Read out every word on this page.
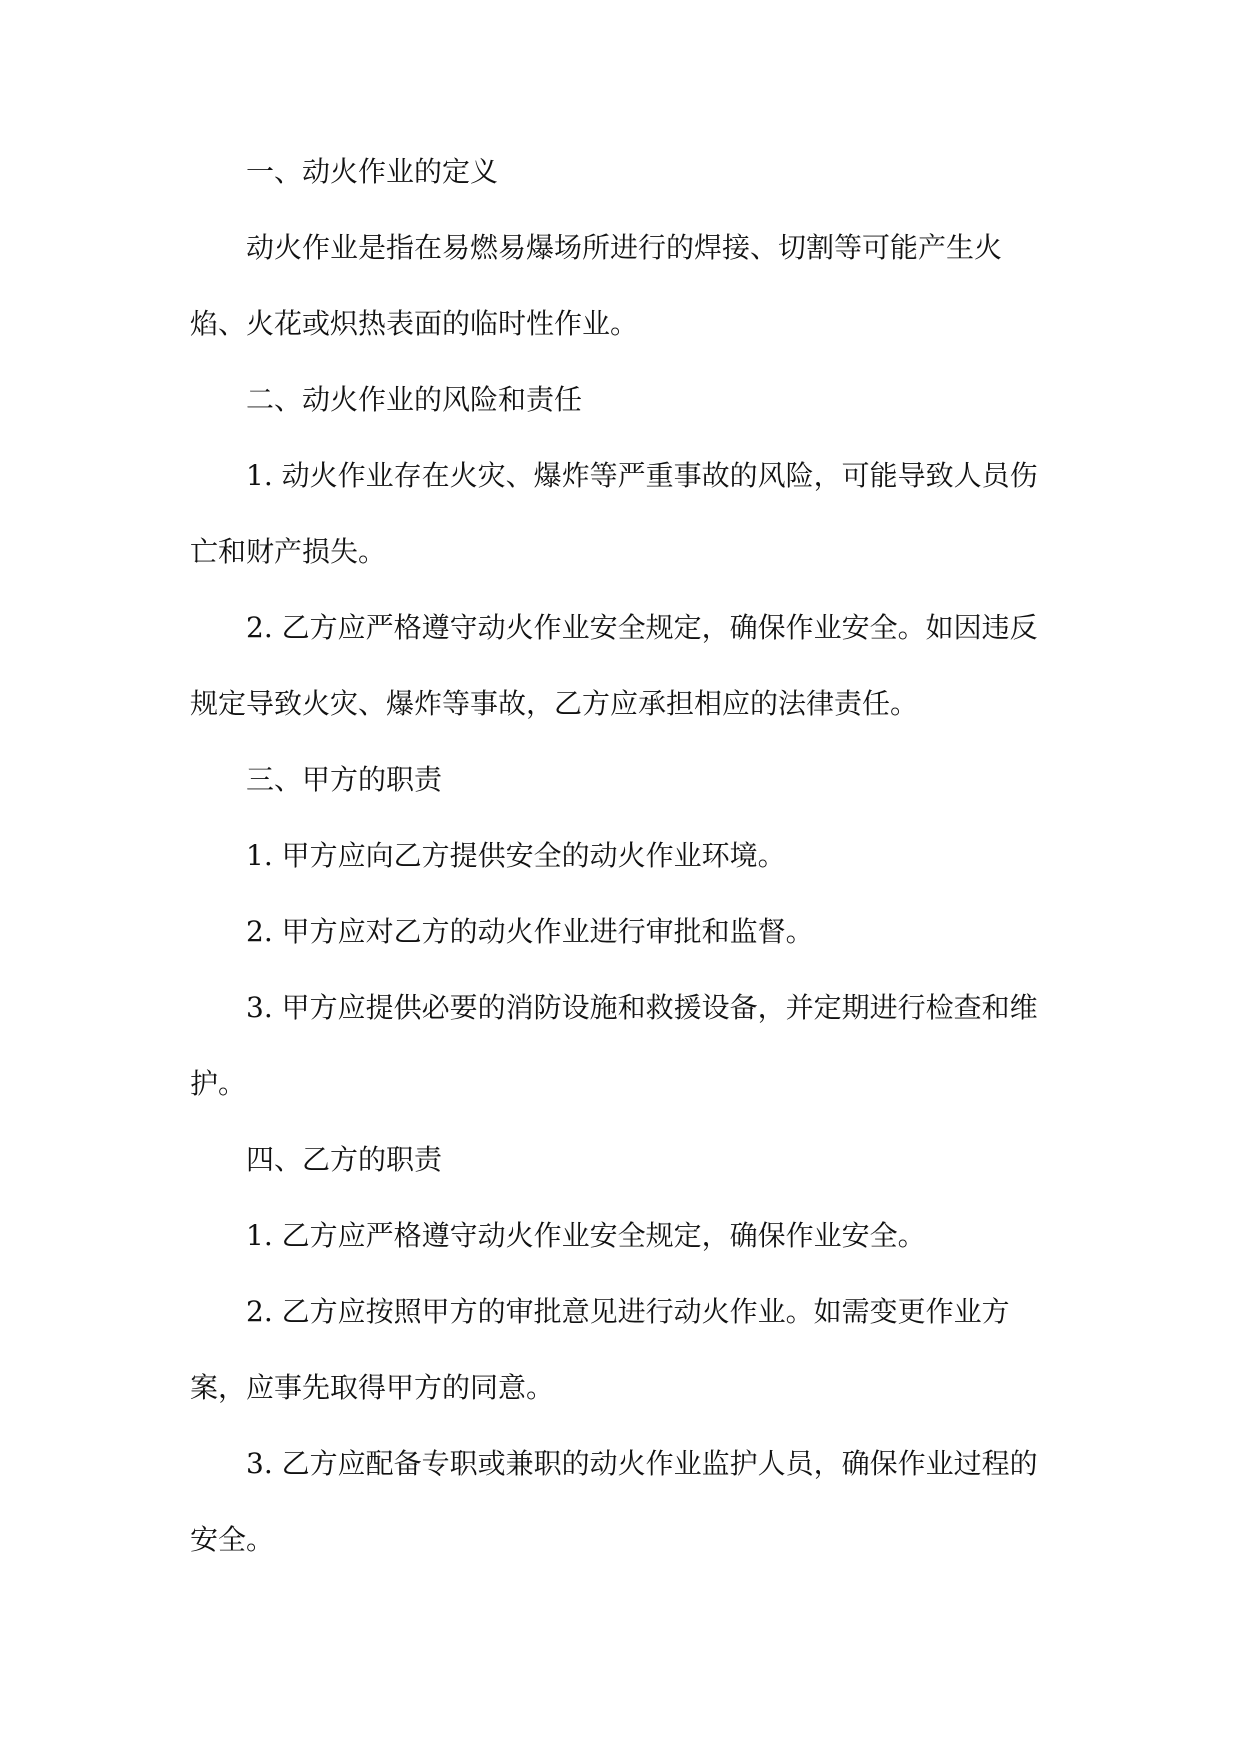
一、动火作业的定义

动火作业是指在易燃易爆场所进行的焊接、切割等可能产生火焰、火花或炽热表面的临时性作业。

二、动火作业的风险和责任

1. 动火作业存在火灾、爆炸等严重事故的风险，可能导致人员伤亡和财产损失。

2. 乙方应严格遵守动火作业安全规定，确保作业安全。如因违反规定导致火灾、爆炸等事故，乙方应承担相应的法律责任。

三、甲方的职责

1. 甲方应向乙方提供安全的动火作业环境。

2. 甲方应对乙方的动火作业进行审批和监督。

3. 甲方应提供必要的消防设施和救援设备，并定期进行检查和维护。

四、乙方的职责

1. 乙方应严格遵守动火作业安全规定，确保作业安全。

2. 乙方应按照甲方的审批意见进行动火作业。如需变更作业方案，应事先取得甲方的同意。

3. 乙方应配备专职或兼职的动火作业监护人员，确保作业过程的安全。
